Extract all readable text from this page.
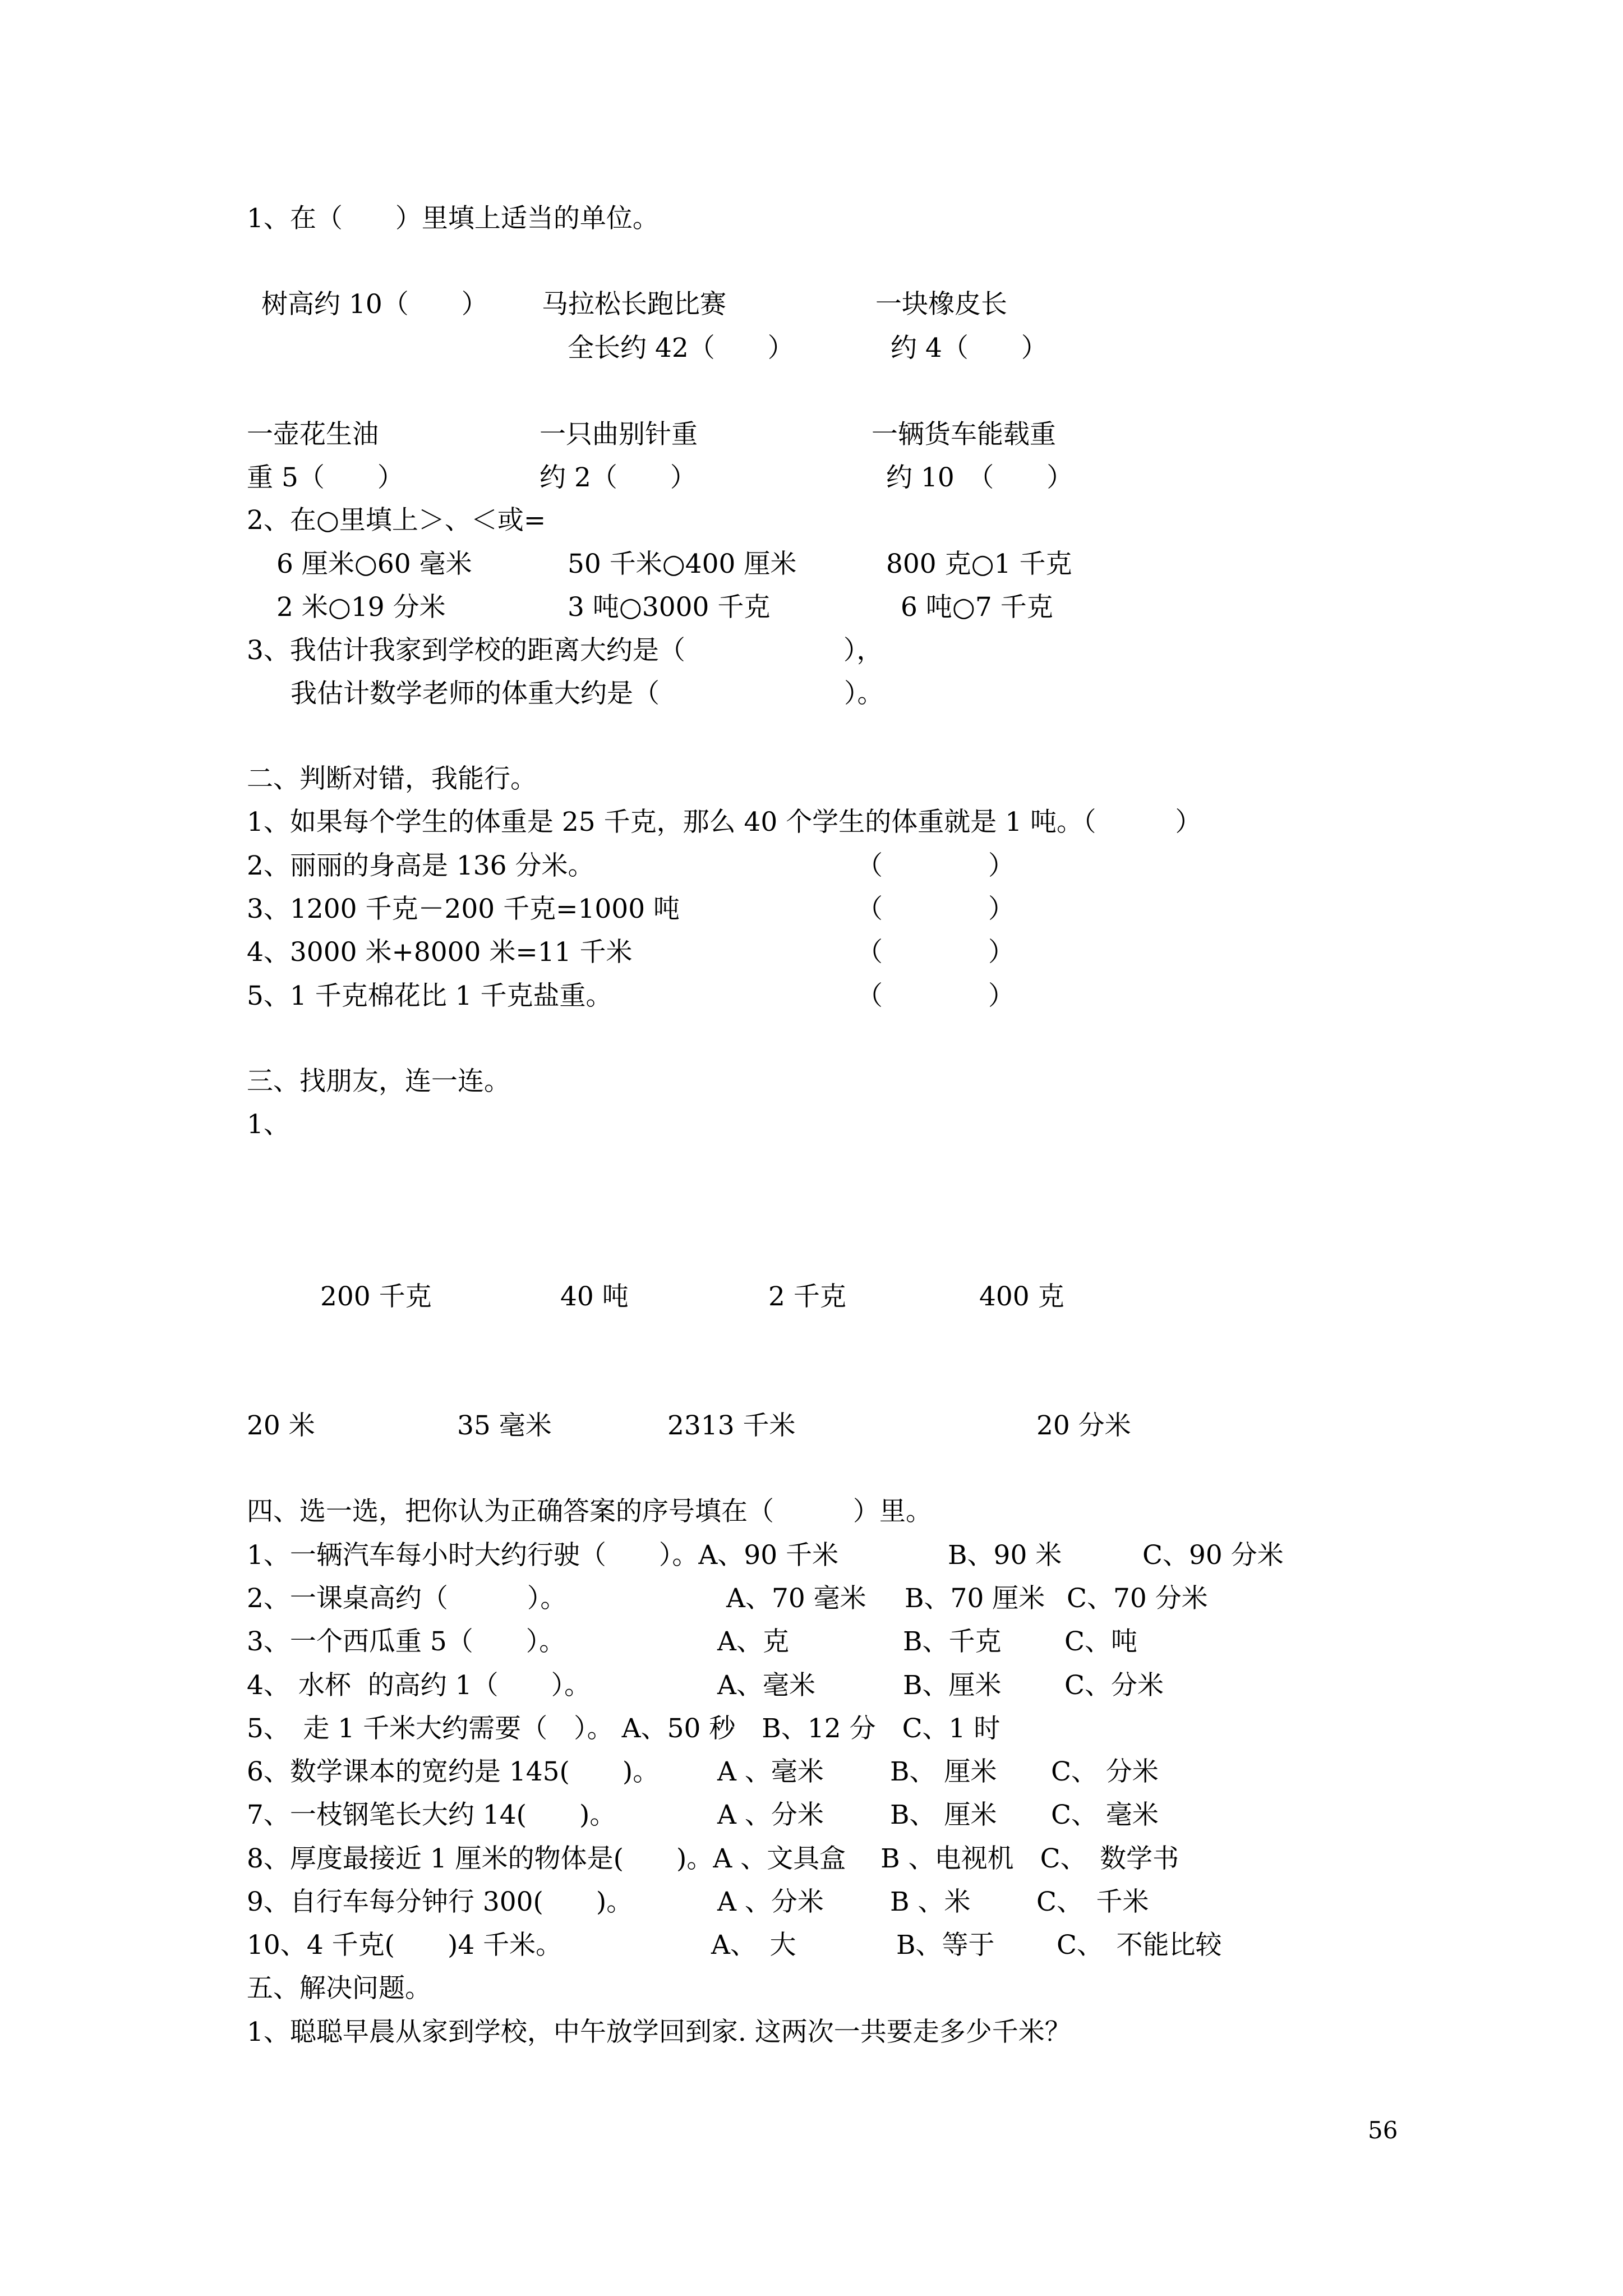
1、在（　　）里填上适当的单位。
树高约 10（　　） 马拉松长跑比赛
全长约 42（　　）
一块橡皮长
约 4（　　）
一壶花生油
重 5（　　）
一只曲别针重
约 2（　　）
一辆货车能载重
约 10　（　　）
2、在○里填上＞、＜或=
6 厘米○60 毫米	50 千米○400 厘米	800 克○1 千克
2 米○19 分米	3 吨○3000 千克	6 吨○7 千克
3、我估计我家到学校的距离大约是（　　　　　　），
我估计数学老师的体重大约是（　　　　　　　）。
二、判断对错，我能行。
1、如果每个学生的体重是 25 千克，那么 40 个学生的体重就是 1 吨。（　　　）
2、丽丽的身高是 136 分米。	（　　　　）
3、1200 千克－200 千克=1000 吨	（　　　　）
4、3000 米+8000 米=11 千米	（　　　　）
5、1 千克棉花比 1 千克盐重。	（　　　　）
三、找朋友，连一连。
1、
200 千克	40 吨	2 千克	400 克
20 米	35 毫米	2313 千米	20 分米
四、选一选，把你认为正确答案的序号填在（　　　）里。
1、一辆汽车每小时大约行驶（　　）。A、90 千米	B、90 米	C、90 分米
2、一课桌高约（　　　）。	A、70 毫米 B、70 厘米 C、70 分米
3、一个西瓜重 5（　　）。	A、克	B、千克 C、吨
4、 水杯  的高约 1（　　）。	A、毫米	B、厘米 C、分米
5、　走 1 千米大约需要（　）。 A、50 秒　B、12 分　C、1 时
6、数学课本的宽约是 145(　　)。 A 、毫米	B、 厘米 C、 分米
7、一枝钢笔长大约 14(　　)。	A 、分米	B、 厘米 C、 毫米
8、厚度最接近 1 厘米的物体是(　　)。A 、文具盒　 B 、电视机　C、　数学书
9、自行车每分钟行 300(　　)。	A 、分米	B 、米	C、　千米
10、4 千克(　　)4 千米。	A、　大	B、等于 C、　不能比较
五、解决问题。
1、聪聪早晨从家到学校，中午放学回到家. 这两次一共要走多少千米？
56
